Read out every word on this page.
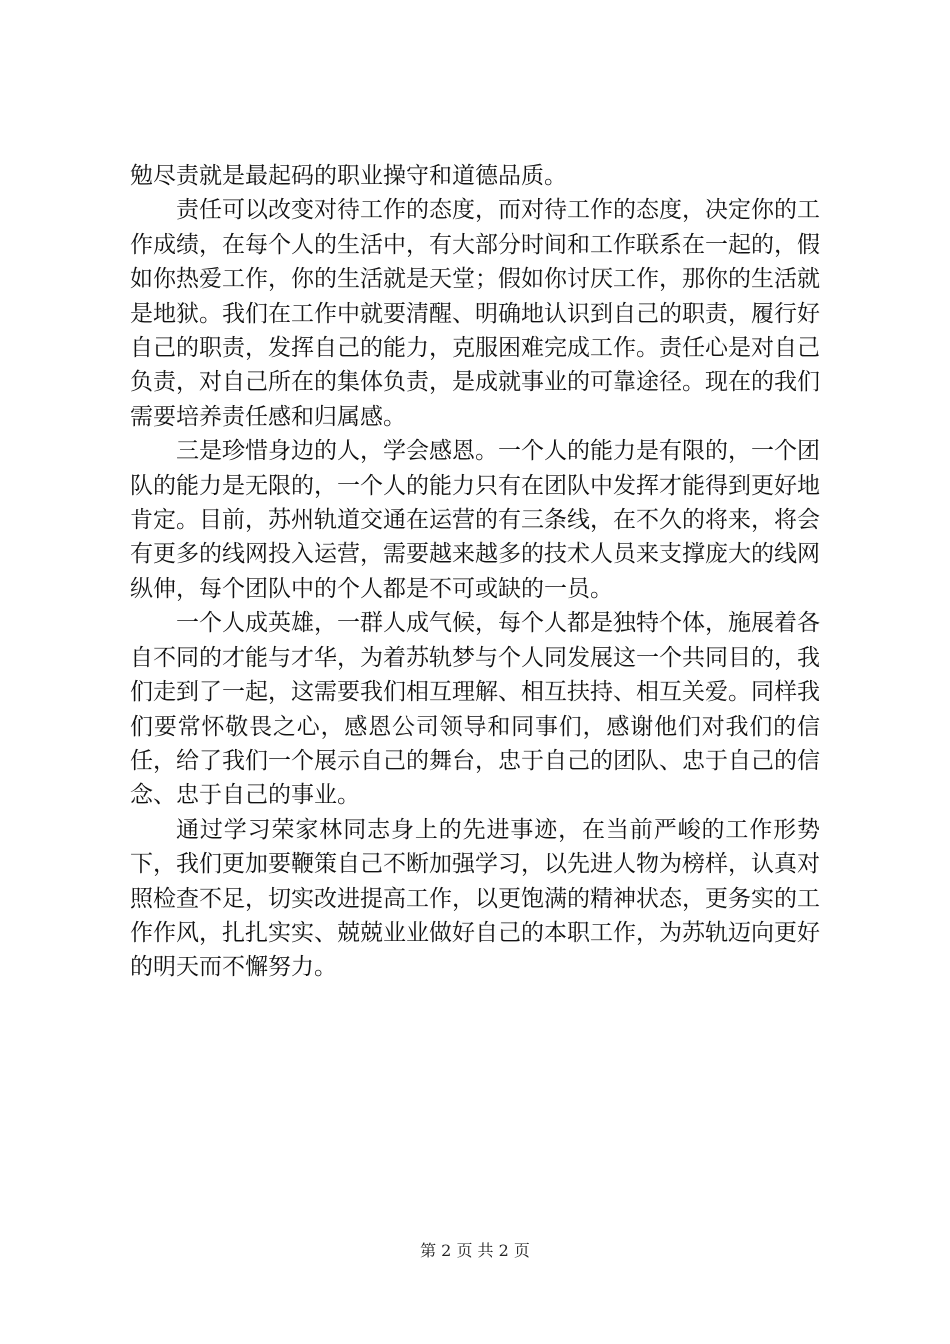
勉尽责就是最起码的职业操守和道德品质。

责任可以改变对待工作的态度，而对待工作的态度，决定你的工作成绩，在每个人的生活中，有大部分时间和工作联系在一起的，假如你热爱工作，你的生活就是天堂；假如你讨厌工作，那你的生活就是地狱。我们在工作中就要清醒、明确地认识到自己的职责，履行好自己的职责，发挥自己的能力，克服困难完成工作。责任心是对自己负责，对自己所在的集体负责，是成就事业的可靠途径。现在的我们需要培养责任感和归属感。

三是珍惜身边的人，学会感恩。一个人的能力是有限的，一个团队的能力是无限的，一个人的能力只有在团队中发挥才能得到更好地肯定。目前，苏州轨道交通在运营的有三条线，在不久的将来，将会有更多的线网投入运营，需要越来越多的技术人员来支撑庞大的线网纵伸，每个团队中的个人都是不可或缺的一员。

一个人成英雄，一群人成气候，每个人都是独特个体，施展着各自不同的才能与才华，为着苏轨梦与个人同发展这一个共同目的，我们走到了一起，这需要我们相互理解、相互扶持、相互关爱。同样我们要常怀敬畏之心，感恩公司领导和同事们，感谢他们对我们的信任，给了我们一个展示自己的舞台，忠于自己的团队、忠于自己的信念、忠于自己的事业。

通过学习荣家林同志身上的先进事迹，在当前严峻的工作形势下，我们更加要鞭策自己不断加强学习，以先进人物为榜样，认真对照检查不足，切实改进提高工作，以更饱满的精神状态，更务实的工作作风，扎扎实实、兢兢业业做好自己的本职工作，为苏轨迈向更好的明天而不懈努力。

第 2 页 共 2 页
